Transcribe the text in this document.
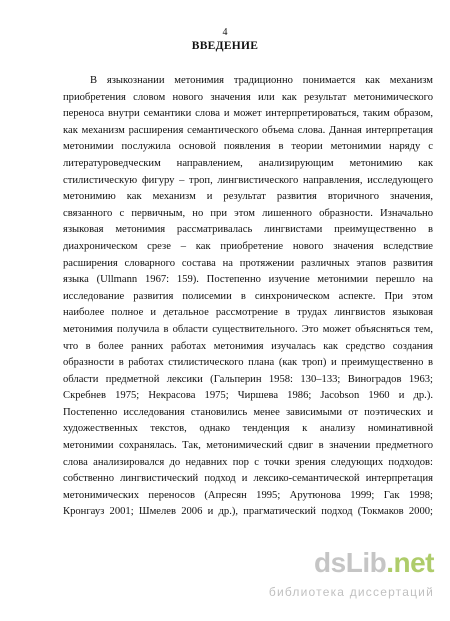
4
ВВЕДЕНИЕ
В языкознании метонимия традиционно понимается как механизм
приобретения словом нового значения или как результат метонимического
переноса внутри семантики слова и может интерпретироваться, таким образом,
как механизм расширения семантического объема слова. Данная интерпретация
метонимии послужила основой появления в теории метонимии наряду с
литературоведческим направлением, анализирующим метонимию как
стилистическую фигуру – троп, лингвистического направления, исследующего
метонимию как механизм и результат развития вторичного значения,
связанного с первичным, но при этом лишенного образности. Изначально
языковая метонимия рассматривалась лингвистами преимущественно в
диахроническом срезе – как приобретение нового значения вследствие
расширения словарного состава на протяжении различных этапов развития
языка (Ullmann 1967: 159). Постепенно изучение метонимии перешло на
исследование развития полисемии в синхроническом аспекте. При этом
наиболее полное и детальное рассмотрение в трудах лингвистов языковая
метонимия получила в области существительного. Это может объясняться тем,
что в более ранних работах метонимия изучалась как средство создания
образности в работах стилистического плана (как троп) и преимущественно в
области предметной лексики (Гальперин 1958: 130–133; Виноградов 1963;
Скребнев 1975; Некрасова 1975; Чиршева 1986; Jacobson 1960 и др.).
Постепенно исследования становились менее зависимыми от поэтических и
художественных текстов, однако тенденция к анализу номинативной
метонимии сохранялась. Так, метонимический сдвиг в значении предметного
слова анализировался до недавних пор с точки зрения следующих подходов:
собственно лингвистический подход и лексико-семантической интерпретация
метонимических переносов (Апресян 1995; Арутюнова 1999; Гак 1998;
Кронгауз 2001; Шмелев 2006 и др.), прагматический подход (Токмаков 2000;
dsLib.net
библиотека диссертаций
